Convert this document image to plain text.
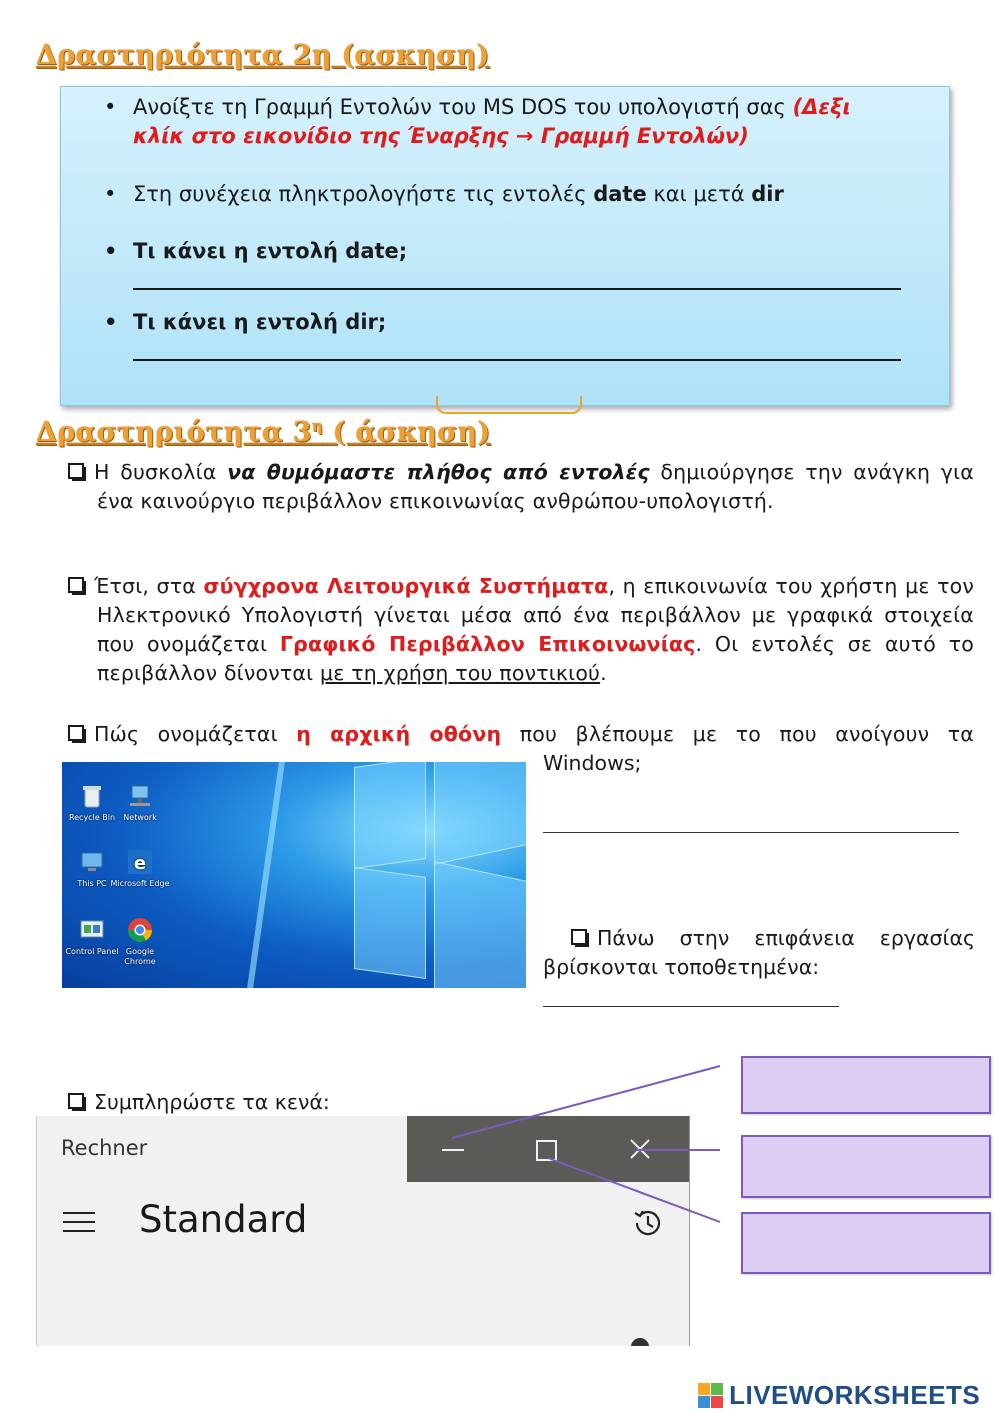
Δραστηριότητα 2η (ασκηση)
• Ανοίξτε τη Γραμμή Εντολών του MS DOS του υπολογιστή σας (Δεξι
κλίκ στο εικονίδιο της Έναρξης → Γραμμή Εντολών)
• Στη συνέχεια πληκτρολογήστε τις εντολές date και μετά dir
• Τι κάνει η εντολή date;
• Τι κάνει η εντολή dir;
Δραστηριότητα $3^\eta$ ( άσκηση)
Η δυσκολία να θυμόμαστε πλήθος από εντολές δημιούργησε την ανάγκη για ένα καινούργιο περιβάλλον επικοινωνίας ανθρώπου-υπολογιστή.
Έτσι, στα σύγχρονα Λειτουργικά Συστήματα, η επικοινωνία του χρήστη με τον Ηλεκτρονικό Υπολογιστή γίνεται μέσα από ένα περιβάλλον με γραφικά στοιχεία που ονομάζεται Γραφικό Περιβάλλον Επικοινωνίας. Οι εντολές σε αυτό το περιβάλλον δίνονται με τη χρήση του ποντικιού.
Πώς ονομάζεται η αρχική οθόνη που βλέπουμε με το που ανοίγουν τα
Windows;
Recycle Bin	Network
This PC
e
Microsoft Edge
Control Panel Google Chrome
Πάνω στην επιφάνεια εργασίας
βρίσκονται τοποθετημένα:
Συμπληρώστε τα κενά:
Rechner
Standard
LIVEWORKSHEETS
